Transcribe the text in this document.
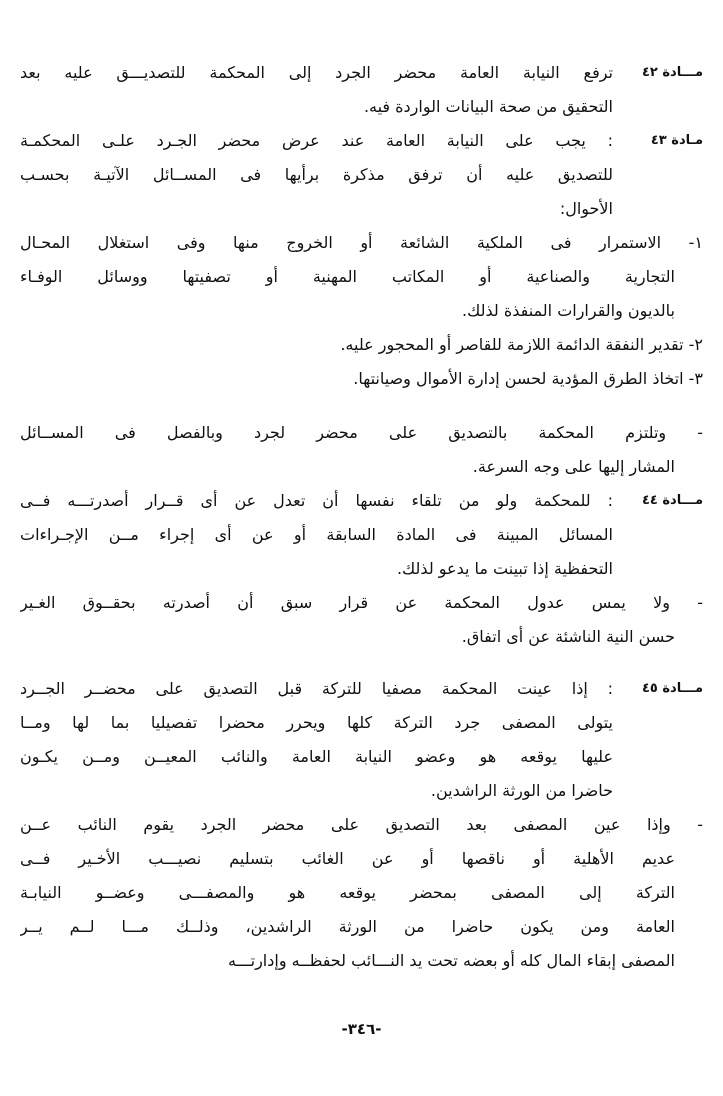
مـــادة ٤٢
ترفع النيابة العامة محضر الجرد إلى المحكمة للتصديـــق عليه بعد
التحقيق من صحة البيانات الواردة فيه.
مـادة ٤٣
: يجب على النيابة العامة عند عرض محضر الجـرد علـى المحكمـة
للتصديق عليه أن ترفق مذكرة برأيها فى المســائل الآتيـة بحسـب
الأحوال:
١- الاستمرار فى الملكية الشائعة أو الخروج منها وفى استغلال المحـال
التجارية والصناعية أو المكاتب المهنية أو تصفيتها ووسائل الوفـاء
بالديون والقرارات المنفذة لذلك.
٢- تقدير النفقة الدائمة اللازمة للقاصر أو المحجور عليه.
٣- اتخاذ الطرق المؤدية لحسن إدارة الأموال وصيانتها.
- وتلتزم المحكمة بالتصديق على محضر لجرد وبالفصل فى المســائل
المشار إليها على وجه السرعة.
مـــادة ٤٤
: للمحكمة ولو من تلقاء نفسها أن تعدل عن أى قــرار أصدرتـــه فــى
المسائل المبينة فى المادة السابقة أو عن أى إجراء مــن الإجـراءات
التحفظية إذا تبينت ما يدعو لذلك.
- ولا يمس عدول المحكمة عن قرار سبق أن أصدرته بحقــوق الغـير
حسن النية الناشئة عن أى اتفاق.
مـــادة ٤٥
: إذا عينت المحكمة مصفيا للتركة قبل التصديق على محضــر الجــرد
يتولى المصفى جرد التركة كلها ويحرر محضرا تفصيليا بما لها ومــا
عليها يوقعه هو وعضو النيابة العامة والنائب المعيــن ومــن يكـون
حاضرا من الورثة الراشدين.
- وإذا عين المصفى بعد التصديق على محضر الجرد يقوم النائب عــن
عديم الأهلية أو ناقصها أو عن الغائب بتسليم نصيـــب الأخـير فــى
التركة إلى المصفى بمحضر يوقعه هو والمصفـــى وعضــو النيابـة
العامة ومن يكون حاضرا من الورثة الراشدين، وذلــك مـــا لــم يــر
المصفى إبقاء المال كله أو بعضه تحت يد النـــائب لحفظــه وإدارتـــه
-٣٤٦-
